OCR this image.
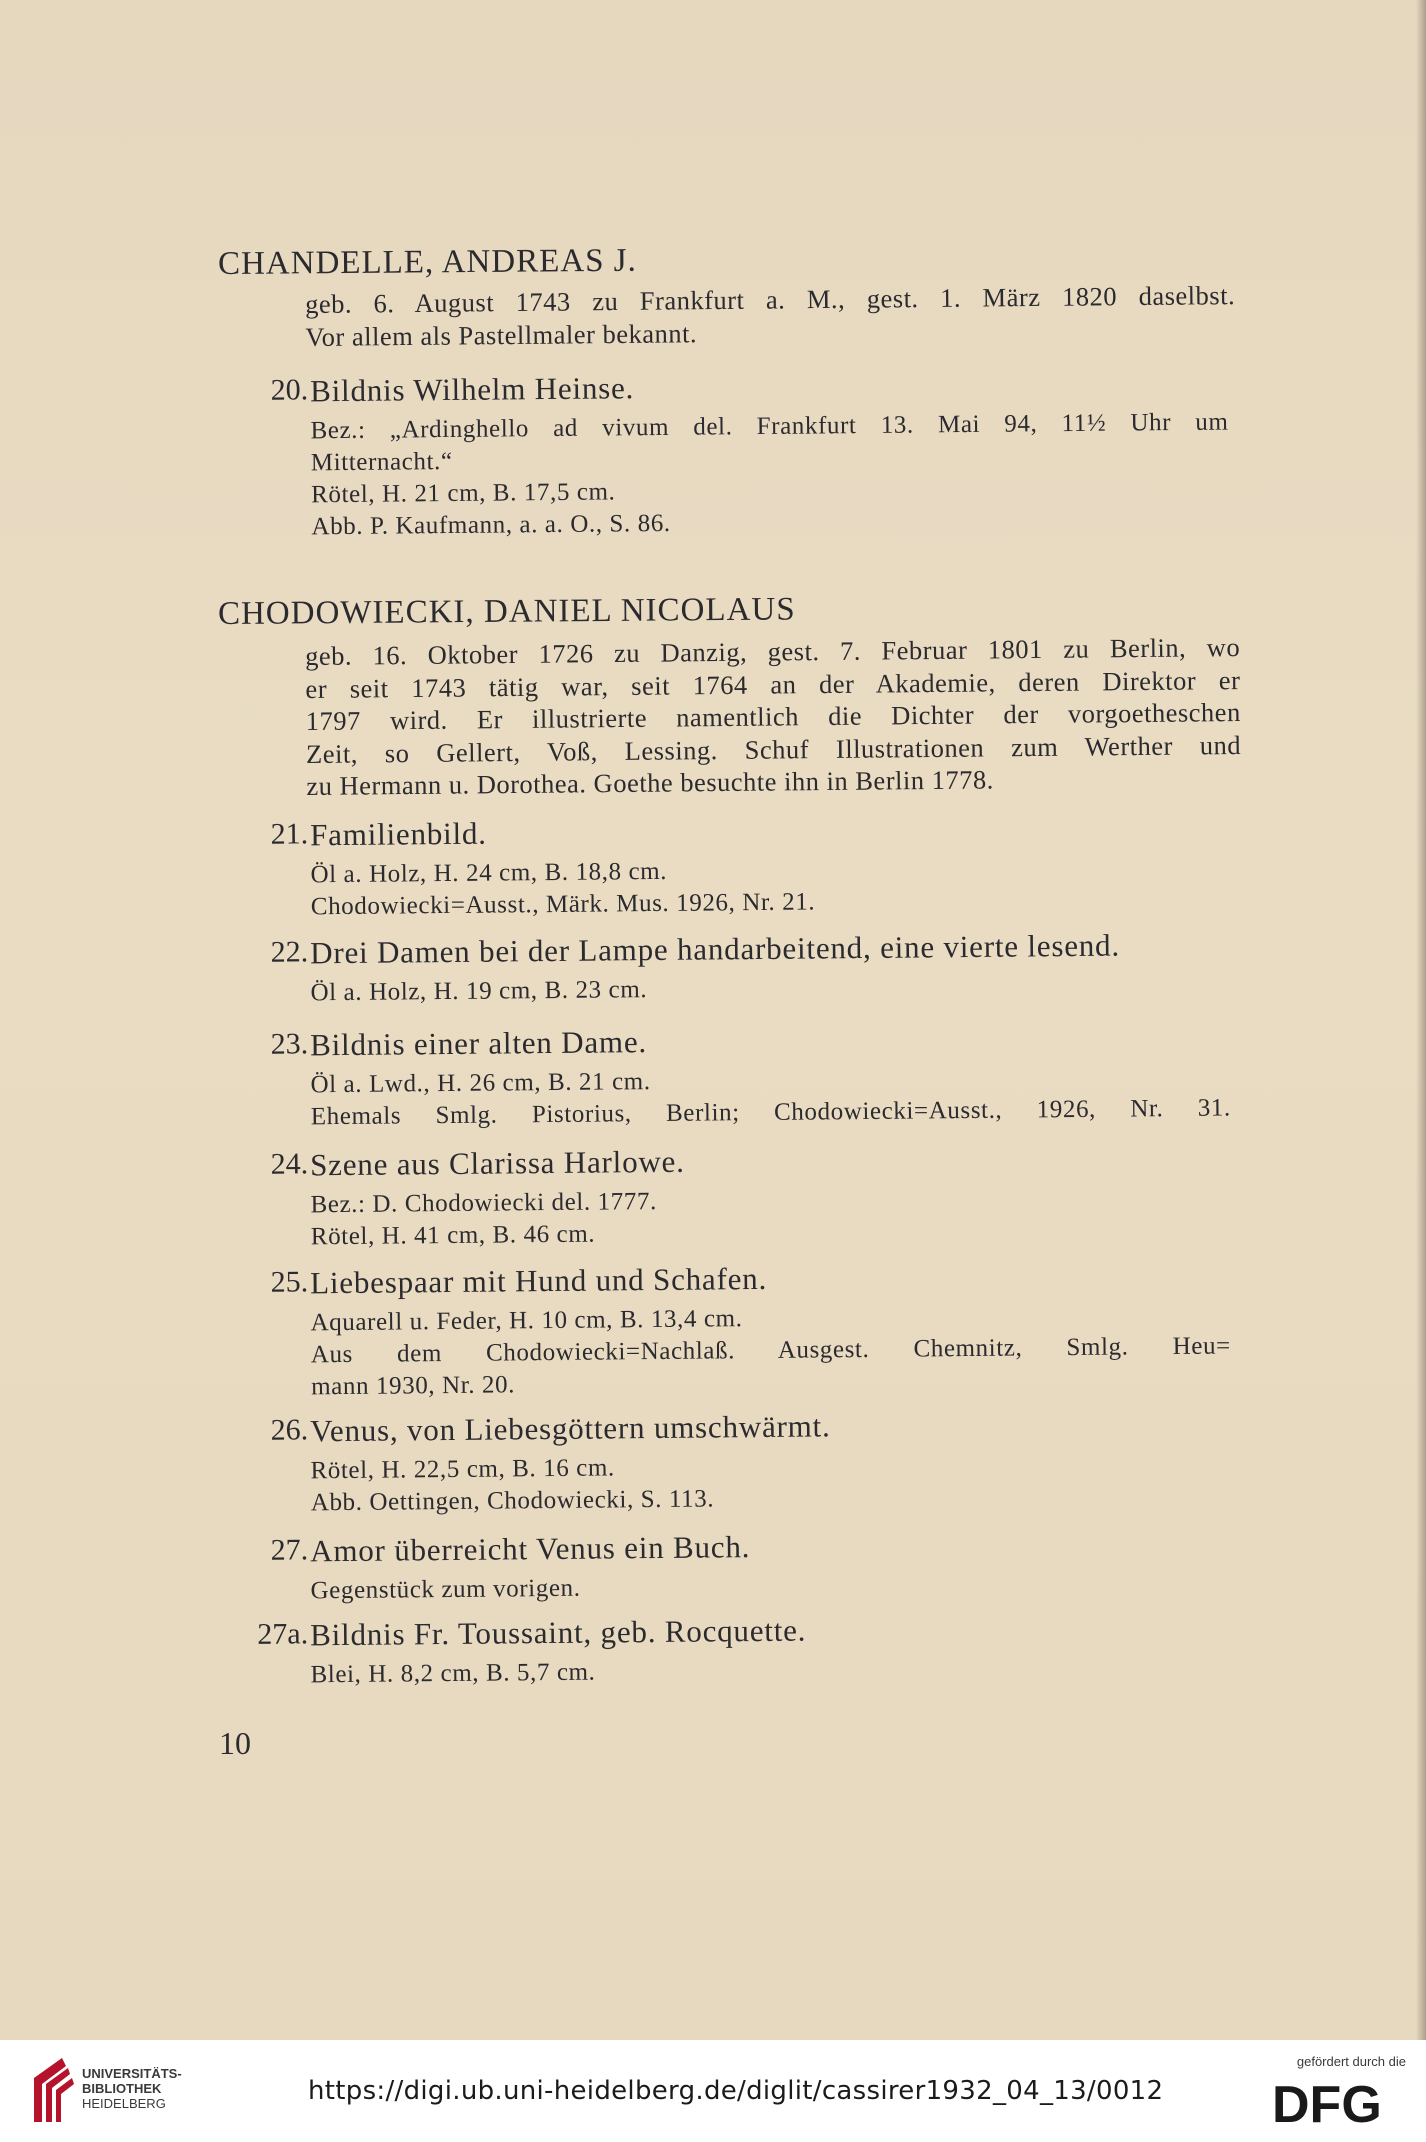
CHANDELLE, ANDREAS J.
geb. 6. August 1743 zu Frankfurt a. M., gest. 1. März 1820 daselbst.
Vor allem als Pastellmaler bekannt.
20. Bildnis Wilhelm Heinse.
Bez.: „Ardinghello ad vivum del. Frankfurt 13. Mai 94, 11½ Uhr um
Mitternacht.“
Rötel, H. 21 cm, B. 17,5 cm.
Abb. P. Kaufmann, a. a. O., S. 86.
CHODOWIECKI, DANIEL NICOLAUS
geb. 16. Oktober 1726 zu Danzig, gest. 7. Februar 1801 zu Berlin, wo
er seit 1743 tätig war, seit 1764 an der Akademie, deren Direktor er
1797 wird. Er illustrierte namentlich die Dichter der vorgoetheschen
Zeit, so Gellert, Voß, Lessing. Schuf Illustrationen zum Werther und
zu Hermann u. Dorothea. Goethe besuchte ihn in Berlin 1778.
21. Familienbild.
Öl a. Holz, H. 24 cm, B. 18,8 cm.
Chodowiecki=Ausst., Märk. Mus. 1926, Nr. 21.
22. Drei Damen bei der Lampe handarbeitend, eine vierte lesend.
Öl a. Holz, H. 19 cm, B. 23 cm.
23. Bildnis einer alten Dame.
Öl a. Lwd., H. 26 cm, B. 21 cm.
Ehemals Smlg. Pistorius, Berlin; Chodowiecki=Ausst., 1926, Nr. 31.
24. Szene aus Clarissa Harlowe.
Bez.: D. Chodowiecki del. 1777.
Rötel, H. 41 cm, B. 46 cm.
25. Liebespaar mit Hund und Schafen.
Aquarell u. Feder, H. 10 cm, B. 13,4 cm.
Aus dem Chodowiecki=Nachlaß. Ausgest. Chemnitz, Smlg. Heu=
mann 1930, Nr. 20.
26. Venus, von Liebesgöttern umschwärmt.
Rötel, H. 22,5 cm, B. 16 cm.
Abb. Oettingen, Chodowiecki, S. 113.
27. Amor überreicht Venus ein Buch.
Gegenstück zum vorigen.
27a. Bildnis Fr. Toussaint, geb. Rocquette.
Blei, H. 8,2 cm, B. 5,7 cm.
10
UNIVERSITÄTS-
BIBLIOTHEK
HEIDELBERG	https://digi.ub.uni-heidelberg.de/diglit/cassirer1932_04_13/0012
gefördert durch die
DFG
